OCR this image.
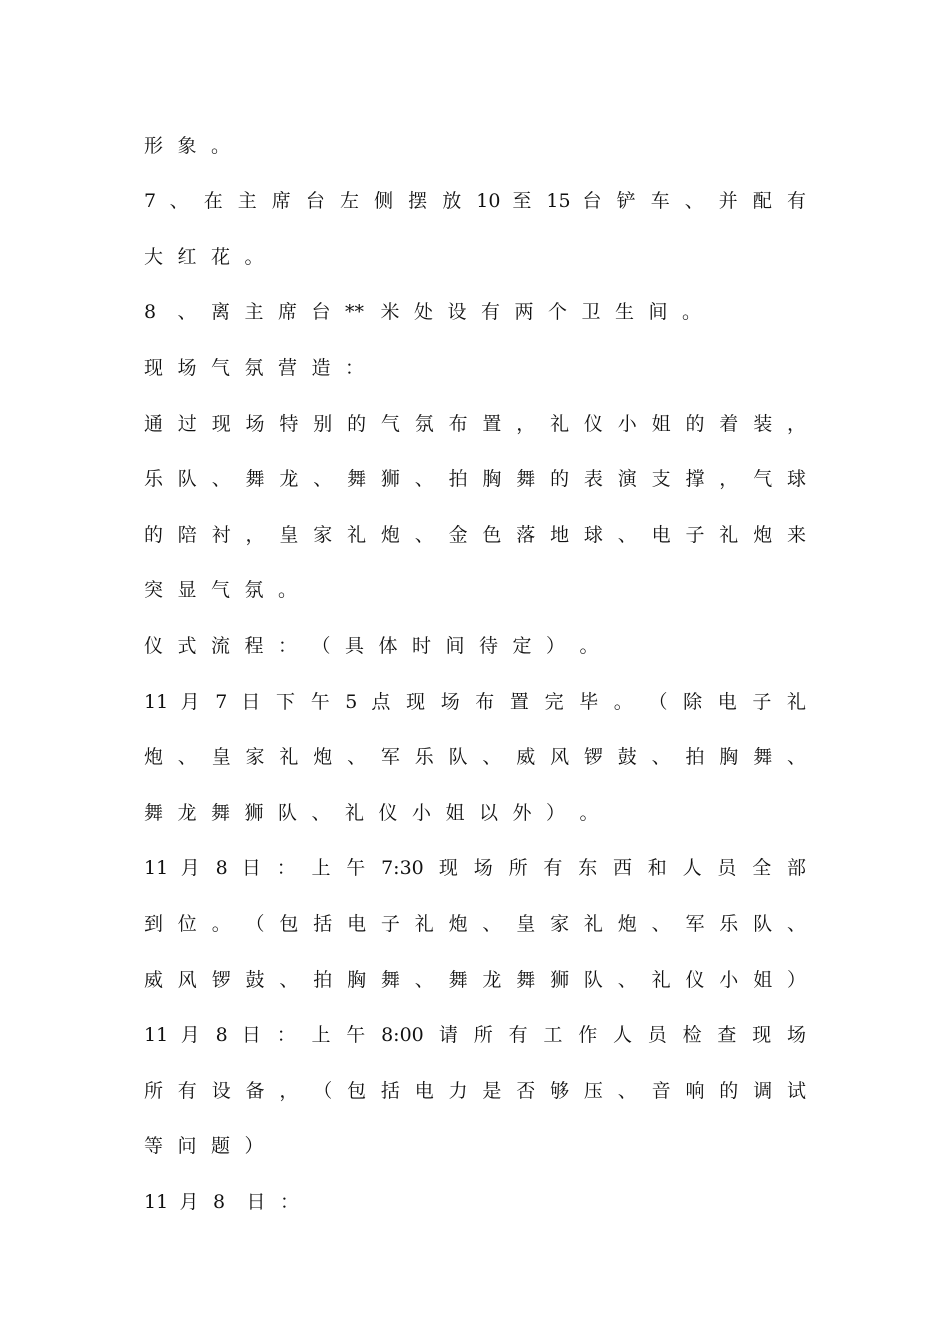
形 象 。
7 、 在 主 席 台 左 侧 摆 放 10 至 15 台 铲 车 、 并 配 有
大 红 花 。
8 、 离 主 席 台 ** 米 处 设 有 两 个 卫 生 间 。
现 场 气 氛 营 造 ：
通 过 现 场 特 别 的 气 氛 布 置 ， 礼 仪 小 姐 的 着 装 ，
乐 队 、 舞 龙 、 舞 狮 、 拍 胸 舞 的 表 演 支 撑 ， 气 球
的 陪 衬 ， 皇 家 礼 炮 、 金 色 落 地 球 、 电 子 礼 炮 来
突 显 气 氛 。
仪 式 流 程 ： （ 具 体 时 间 待 定 ） 。
11 月 7 日 下 午 5 点 现 场 布 置 完 毕 。 （ 除 电 子 礼
炮 、 皇 家 礼 炮 、 军 乐 队 、 威 风 锣 鼓 、 拍 胸 舞 、
舞 龙 舞 狮 队 、 礼 仪 小 姐 以 外 ） 。
11 月 8 日 ： 上 午 7:30 现 场 所 有 东 西 和 人 员 全 部
到 位 。 （ 包 括 电 子 礼 炮 、 皇 家 礼 炮 、 军 乐 队 、
威 风 锣 鼓 、 拍 胸 舞 、 舞 龙 舞 狮 队 、 礼 仪 小 姐 ）
11 月 8 日 ： 上 午 8:00 请 所 有 工 作 人 员 检 查 现 场
所 有 设 备 ， （ 包 括 电 力 是 否 够 压 、 音 响 的 调 试
等 问 题 ）
11 月 8 日 ：
